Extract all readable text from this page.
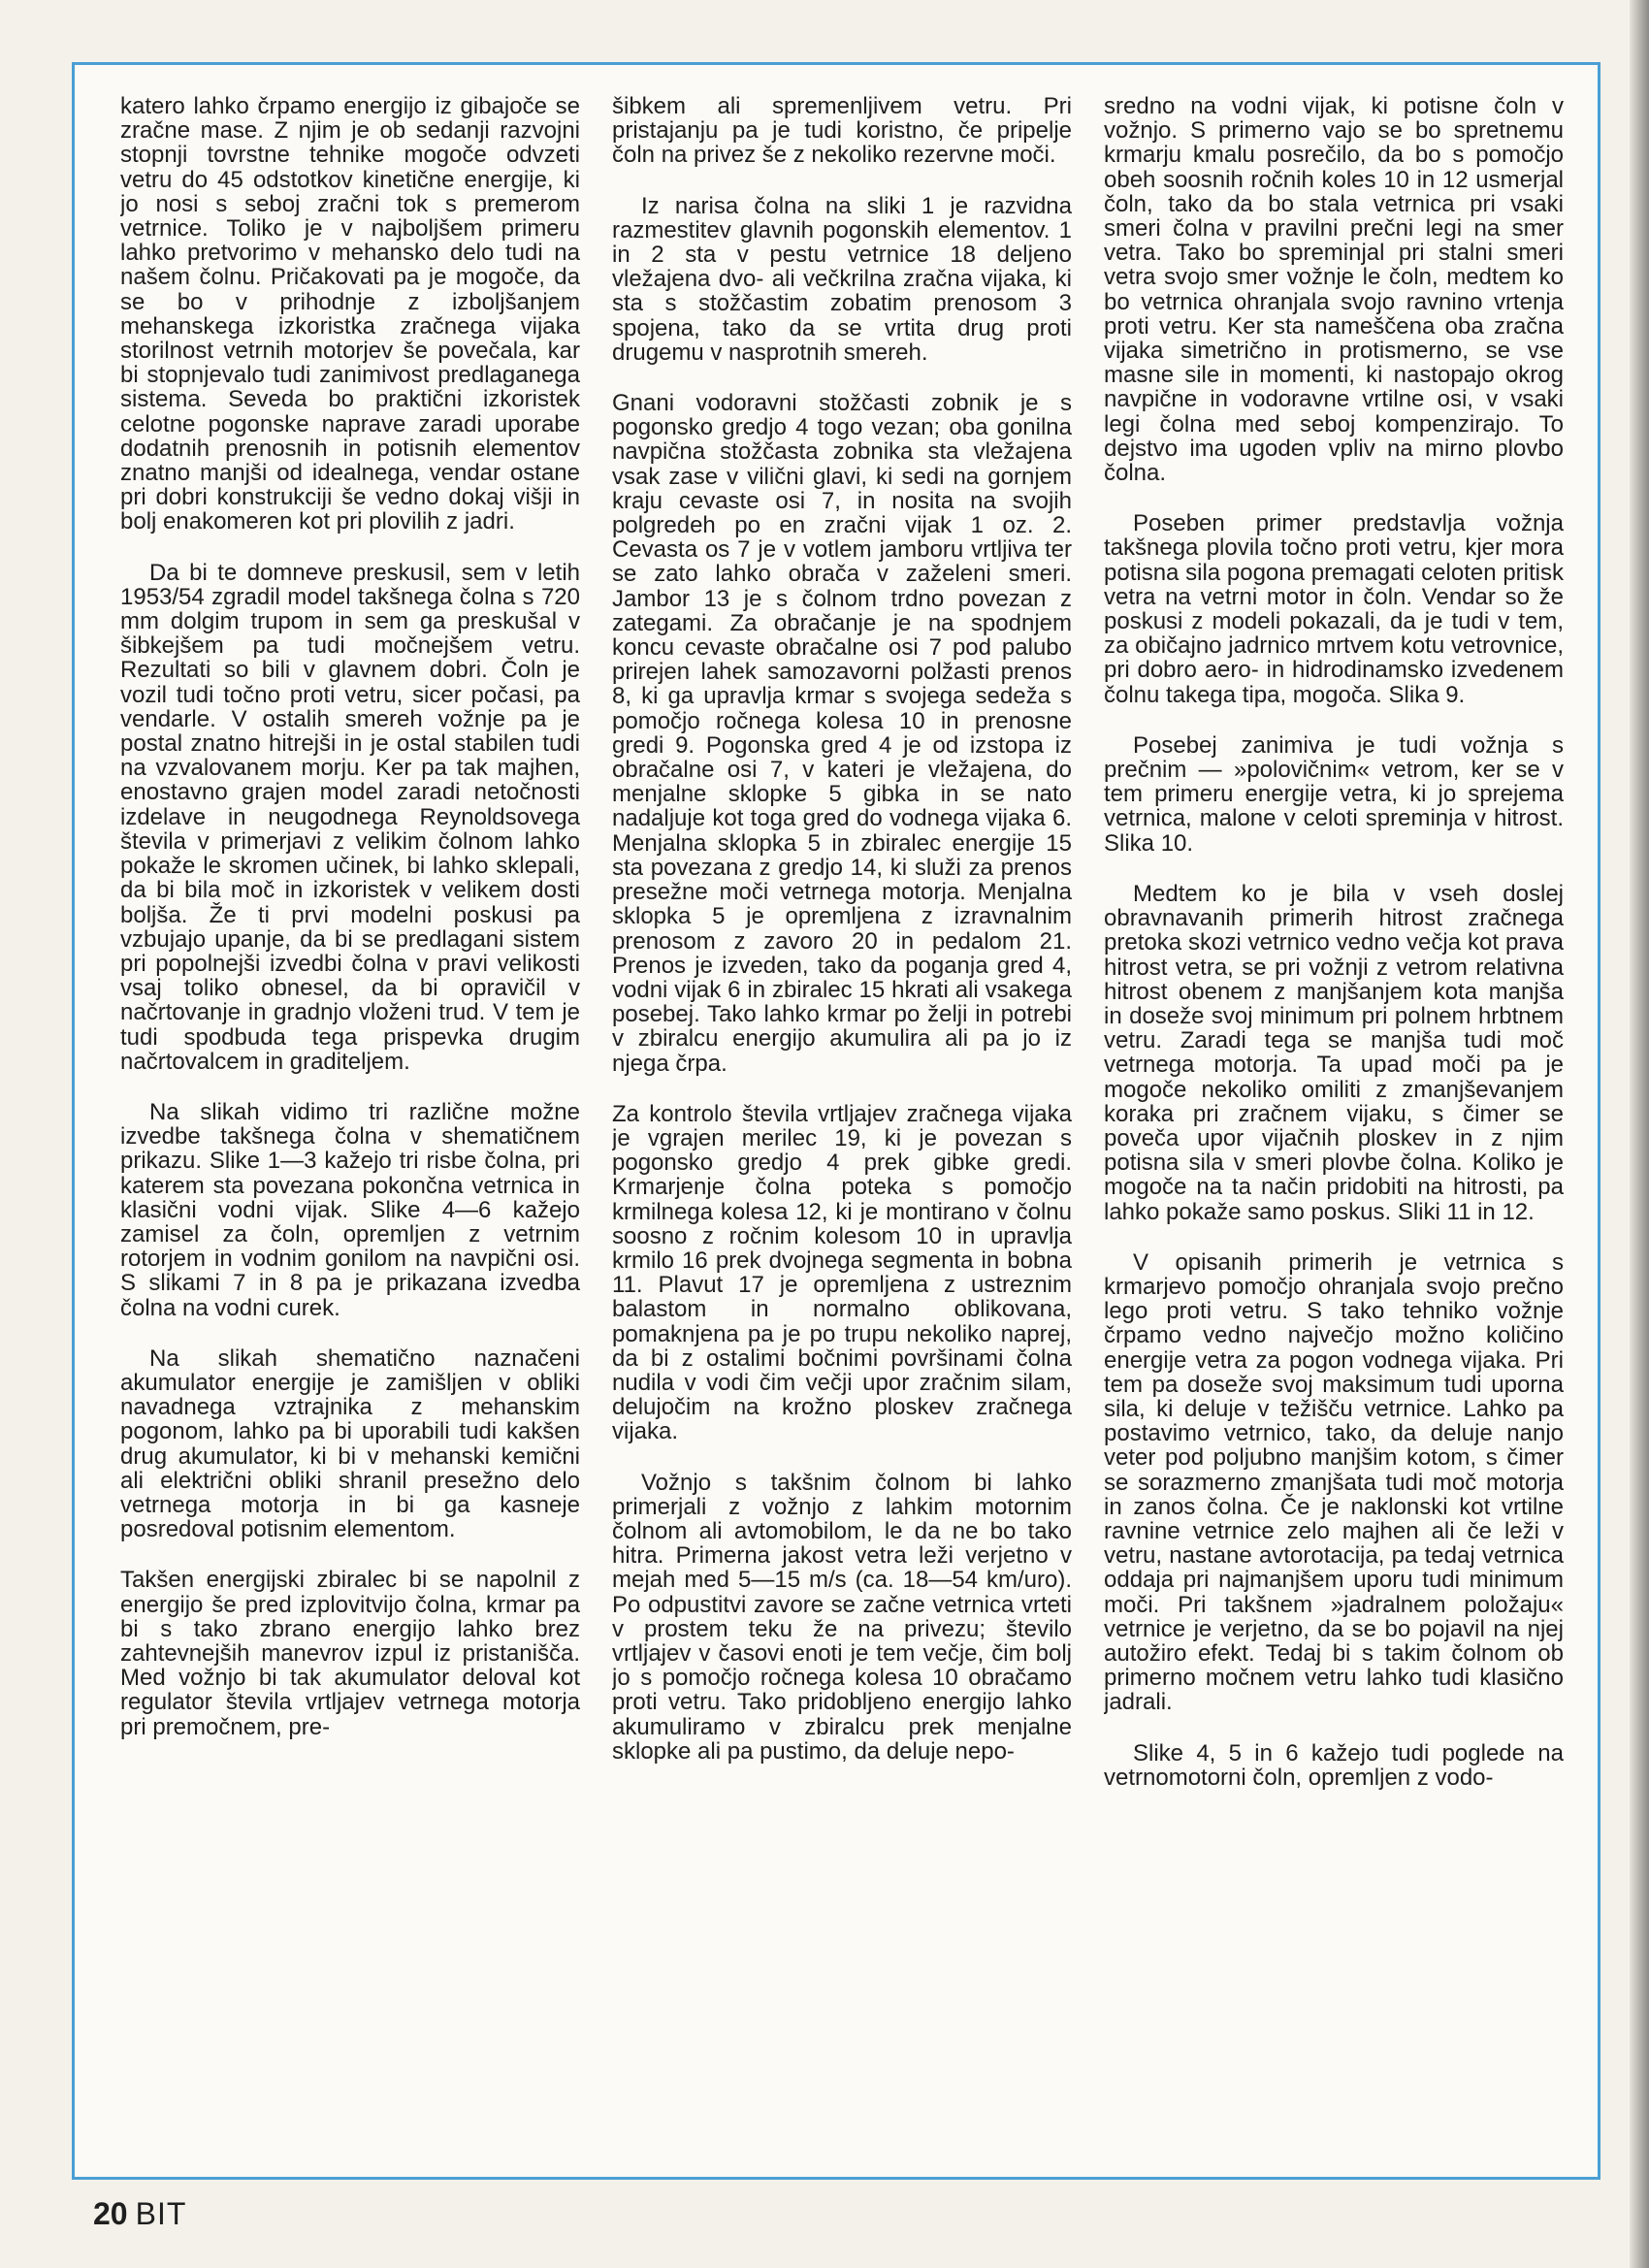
katero lahko črpamo energijo iz gibajoče se zračne mase. Z njim je ob sedanji razvojni stopnji tovrstne tehnike mogoče odvzeti vetru do 45 odstotkov kinetične energije, ki jo nosi s seboj zračni tok s premerom vetrnice. Toliko je v najboljšem primeru lahko pretvorimo v mehansko delo tudi na našem čolnu. Pričakovati pa je mogoče, da se bo v prihodnje z izboljšanjem mehanskega izkoristka zračnega vijaka storilnost vetrnih motorjev še povečala, kar bi stopnjevalo tudi zanimivost predlaganega sistema. Seveda bo praktični izkoristek celotne pogonske naprave zaradi uporabe dodatnih prenosnih in potisnih elementov znatno manjši od idealnega, vendar ostane pri dobri konstrukciji še vedno dokaj višji in bolj enakomeren kot pri plovilih z jadri.

Da bi te domneve preskusil, sem v letih 1953/54 zgradil model takšnega čolna s 720 mm dolgim trupom in sem ga preskušal v šibkejšem pa tudi močnejšem vetru. Rezultati so bili v glavnem dobri. Čoln je vozil tudi točno proti vetru, sicer počasi, pa vendarle. V ostalih smereh vožnje pa je postal znatno hitrejši in je ostal stabilen tudi na vzvalovanem morju. Ker pa tak majhen, enostavno grajen model zaradi netočnosti izdelave in neugodnega Reynoldsovega števila v primerjavi z velikim čolnom lahko pokaže le skromen učinek, bi lahko sklepali, da bi bila moč in izkoristek v velikem dosti boljša. Že ti prvi modelni poskusi pa vzbujajo upanje, da bi se predlagani sistem pri popolnejši izvedbi čolna v pravi velikosti vsaj toliko obnesel, da bi opravičil v načrtovanje in gradnjo vloženi trud. V tem je tudi spodbuda tega prispevka drugim načrtovalcem in graditeljem.

Na slikah vidimo tri različne možne izvedbe takšnega čolna v shematičnem prikazu. Slike 1—3 kažejo tri risbe čolna, pri katerem sta povezana pokončna vetrnica in klasični vodni vijak. Slike 4—6 kažejo zamisel za čoln, opremljen z vetrnim rotorjem in vodnim gonilom na navpični osi. S slikami 7 in 8 pa je prikazana izvedba čolna na vodni curek.

Na slikah shematično naznačeni akumulator energije je zamišljen v obliki navadnega vztrajnika z mehanskim pogonom, lahko pa bi uporabili tudi kakšen drug akumulator, ki bi v mehanski kemični ali električni obliki shranil presežno delo vetrnega motorja in bi ga kasneje posredoval potisnim elementom.

Takšen energijski zbiralec bi se napolnil z energijo še pred izplovitvijo čolna, krmar pa bi s tako zbrano energijo lahko brez zahtevnejših manevrov izpul iz pristanišča. Med vožnjo bi tak akumulator deloval kot regulator števila vrtljajev vetrnega motorja pri premočnem, pre-

šibkem ali spremenljivem vetru. Pri pristajanju pa je tudi koristno, če pripelje čoln na privez še z nekoliko rezervne moči.

Iz narisa čolna na sliki 1 je razvidna razmestitev glavnih pogonskih elementov. 1 in 2 sta v pestu vetrnice 18 deljeno vležajena dvo- ali večkrilna zračna vijaka, ki sta s stožčastim zobatim prenosom 3 spojena, tako da se vrtita drug proti drugemu v nasprotnih smereh.

Gnani vodoravni stožčasti zobnik je s pogonsko gredjo 4 togo vezan; oba gonilna navpična stožčasta zobnika sta vležajena vsak zase v vilični glavi, ki sedi na gornjem kraju cevaste osi 7, in nosita na svojih polgredeh po en zračni vijak 1 oz. 2. Cevasta os 7 je v votlem jamboru vrtljiva ter se zato lahko obrača v zaželeni smeri. Jambor 13 je s čolnom trdno povezan z zategami. Za obračanje je na spodnjem koncu cevaste obračalne osi 7 pod palubo prirejen lahek samozavorni polžasti prenos 8, ki ga upravlja krmar s svojega sedeža s pomočjo ročnega kolesa 10 in prenosne gredi 9. Pogonska gred 4 je od izstopa iz obračalne osi 7, v kateri je vležajena, do menjalne sklopke 5 gibka in se nato nadaljuje kot toga gred do vodnega vijaka 6. Menjalna sklopka 5 in zbiralec energije 15 sta povezana z gredjo 14, ki služi za prenos presežne moči vetrnega motorja. Menjalna sklopka 5 je opremljena z izravnalnim prenosom z zavoro 20 in pedalom 21. Prenos je izveden, tako da poganja gred 4, vodni vijak 6 in zbiralec 15 hkrati ali vsakega posebej. Tako lahko krmar po želji in potrebi v zbiralcu energijo akumulira ali pa jo iz njega črpa.

Za kontrolo števila vrtljajev zračnega vijaka je vgrajen merilec 19, ki je povezan s pogonsko gredjo 4 prek gibke gredi. Krmarjenje čolna poteka s pomočjo krmilnega kolesa 12, ki je montirano v čolnu soosno z ročnim kolesom 10 in upravlja krmilo 16 prek dvojnega segmenta in bobna 11. Plavut 17 je opremljena z ustreznim balastom in normalno oblikovana, pomaknjena pa je po trupu nekoliko naprej, da bi z ostalimi bočnimi površinami čolna nudila v vodi čim večji upor zračnim silam, delujočim na krožno ploskev zračnega vijaka.

Vožnjo s takšnim čolnom bi lahko primerjali z vožnjo z lahkim motornim čolnom ali avtomobilom, le da ne bo tako hitra. Primerna jakost vetra leži verjetno v mejah med 5—15 m/s (ca. 18—54 km/uro). Po odpustitvi zavore se začne vetrnica vrteti v prostem teku že na privezu; število vrtljajev v časovi enoti je tem večje, čim bolj jo s pomočjo ročnega kolesa 10 obračamo proti vetru. Tako pridobljeno energijo lahko akumuliramo v zbiralcu prek menjalne sklopke ali pa pustimo, da deluje nepo-

sredno na vodni vijak, ki potisne čoln v vožnjo. S primerno vajo se bo spretnemu krmarju kmalu posrečilo, da bo s pomočjo obeh soosnih ročnih koles 10 in 12 usmerjal čoln, tako da bo stala vetrnica pri vsaki smeri čolna v pravilni prečni legi na smer vetra. Tako bo spreminjal pri stalni smeri vetra svojo smer vožnje le čoln, medtem ko bo vetrnica ohranjala svojo ravnino vrtenja proti vetru. Ker sta nameščena oba zračna vijaka simetrično in protismerno, se vse masne sile in momenti, ki nastopajo okrog navpične in vodoravne vrtilne osi, v vsaki legi čolna med seboj kompenzirajo. To dejstvo ima ugoden vpliv na mirno plovbo čolna.

Poseben primer predstavlja vožnja takšnega plovila točno proti vetru, kjer mora potisna sila pogona premagati celoten pritisk vetra na vetrni motor in čoln. Vendar so že poskusi z modeli pokazali, da je tudi v tem, za običajno jadrnico mrtvem kotu vetrovnice, pri dobro aero- in hidrodinamsko izvedenem čolnu takega tipa, mogoča. Slika 9.

Posebej zanimiva je tudi vožnja s prečnim — »polovičnim« vetrom, ker se v tem primeru energije vetra, ki jo sprejema vetrnica, malone v celoti spreminja v hitrost. Slika 10.

Medtem ko je bila v vseh doslej obravnavanih primerih hitrost zračnega pretoka skozi vetrnico vedno večja kot prava hitrost vetra, se pri vožnji z vetrom relativna hitrost obenem z manjšanjem kota manjša in doseže svoj minimum pri polnem hrbtnem vetru. Zaradi tega se manjša tudi moč vetrnega motorja. Ta upad moči pa je mogoče nekoliko omiliti z zmanjševanjem koraka pri zračnem vijaku, s čimer se poveča upor vijačnih ploskev in z njim potisna sila v smeri plovbe čolna. Koliko je mogoče na ta način pridobiti na hitrosti, pa lahko pokaže samo poskus. Sliki 11 in 12.

V opisanih primerih je vetrnica s krmarjevo pomočjo ohranjala svojo prečno lego proti vetru. S tako tehniko vožnje črpamo vedno največjo možno količino energije vetra za pogon vodnega vijaka. Pri tem pa doseže svoj maksimum tudi uporna sila, ki deluje v težišču vetrnice. Lahko pa postavimo vetrnico, tako, da deluje nanjo veter pod poljubno manjšim kotom, s čimer se sorazmerno zmanjšata tudi moč motorja in zanos čolna. Če je naklonski kot vrtilne ravnine vetrnice zelo majhen ali če leži v vetru, nastane avtorotacija, pa tedaj vetrnica oddaja pri najmanjšem uporu tudi minimum moči. Pri takšnem »jadralnem položaju« vetrnice je verjetno, da se bo pojavil na njej autožiro efekt. Tedaj bi s takim čolnom ob primerno močnem vetru lahko tudi klasično jadrali.

Slike 4, 5 in 6 kažejo tudi poglede na vetrnomotorni čoln, opremljen z vodo-

20 BIT
